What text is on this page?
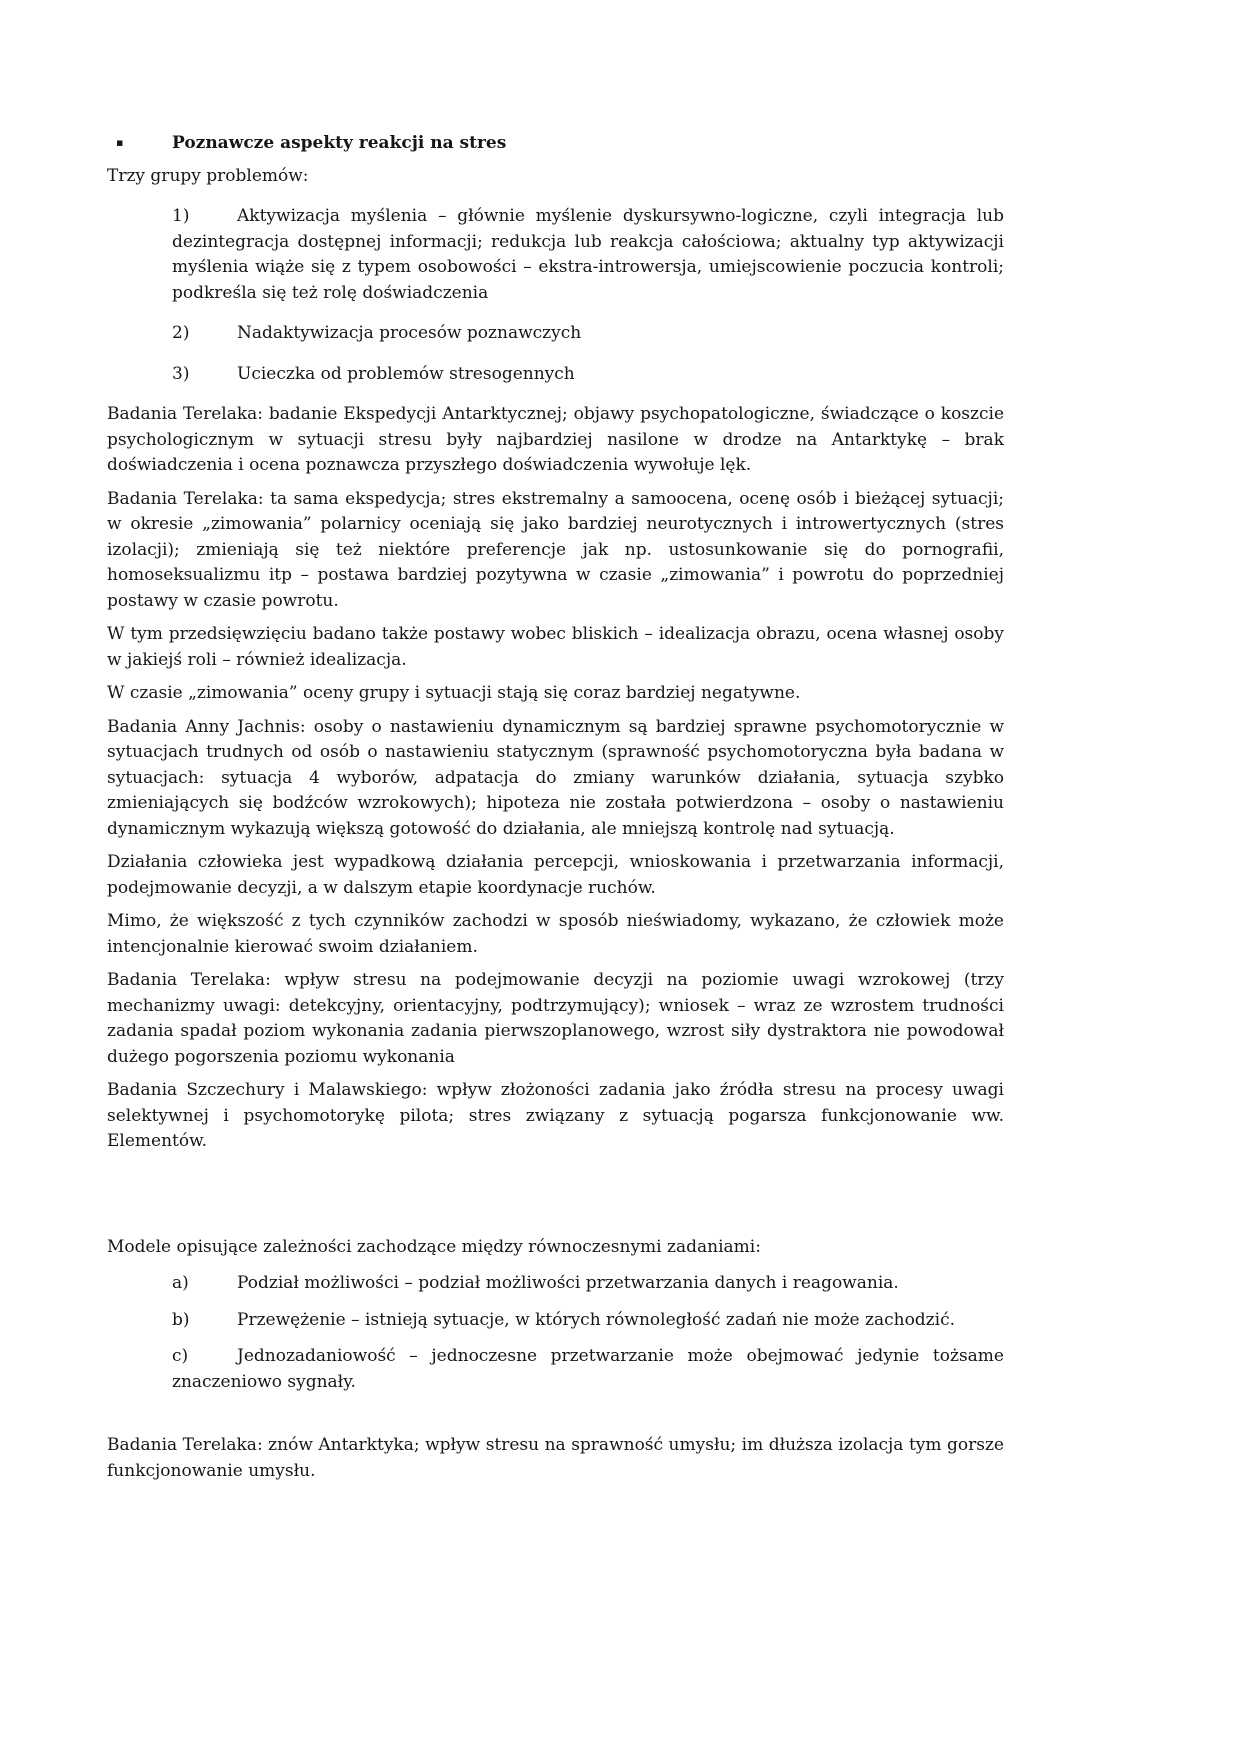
▪	Poznawcze aspekty reakcji na stres

Trzy grupy problemów:

1)	Aktywizacja myślenia – głównie myślenie dyskursywno-logiczne, czyli integracja lub dezintegracja dostępnej informacji; redukcja lub reakcja całościowa; aktualny typ aktywizacji myślenia wiąże się z typem osobowości – ekstra-introwersja, umiejscowienie poczucia kontroli; podkreśla się też rolę doświadczenia
2)	Nadaktywizacja procesów poznawczych
3)	Ucieczka od problemów stresogennych

Badania Terelaka: badanie Ekspedycji Antarktycznej; objawy psychopatologiczne, świadczące o koszcie psychologicznym w sytuacji stresu były najbardziej nasilone w drodze na Antarktykę – brak doświadczenia i ocena poznawcza przyszłego doświadczenia wywołuje lęk.

Badania Terelaka: ta sama ekspedycja; stres ekstremalny a samoocena, ocenę osób i bieżącej sytuacji; w okresie „zimowania” polarnicy oceniają się jako bardziej neurotycznych i introwertycznych (stres izolacji); zmieniają się też niektóre preferencje jak np. ustosunkowanie się do pornografii, homoseksualizmu itp – postawa bardziej pozytywna w czasie „zimowania” i powrotu do poprzedniej postawy w czasie powrotu.

W tym przedsięwzięciu badano także postawy wobec bliskich – idealizacja obrazu, ocena własnej osoby w jakiejś roli – również idealizacja.

W czasie „zimowania” oceny grupy i sytuacji stają się coraz bardziej negatywne.

Badania Anny Jachnis: osoby o nastawieniu dynamicznym są bardziej sprawne psychomotorycznie w sytuacjach trudnych od osób o nastawieniu statycznym (sprawność psychomotoryczna była badana w sytuacjach: sytuacja 4 wyborów, adpatacja do zmiany warunków działania, sytuacja szybko zmieniających się bodźców wzrokowych); hipoteza nie została potwierdzona – osoby o nastawieniu dynamicznym wykazują większą gotowość do działania, ale mniejszą kontrolę nad sytuacją.

Działania człowieka jest wypadkową działania percepcji, wnioskowania i przetwarzania informacji, podejmowanie decyzji, a w dalszym etapie koordynacje ruchów.

Mimo, że większość z tych czynników zachodzi w sposób nieświadomy, wykazano, że człowiek może intencjonalnie kierować swoim działaniem.

Badania Terelaka: wpływ stresu na podejmowanie decyzji na poziomie uwagi wzrokowej (trzy mechanizmy uwagi: detekcyjny, orientacyjny, podtrzymujący); wniosek – wraz ze wzrostem trudności zadania spadał poziom wykonania zadania pierwszoplanowego, wzrost siły dystraktora nie powodował dużego pogorszenia poziomu wykonania

Badania Szczechury i Malawskiego: wpływ złożoności zadania jako źródła stresu na procesy uwagi selektywnej i psychomotorykę pilota; stres związany z sytuacją pogarsza funkcjonowanie ww. Elementów.

Modele opisujące zależności zachodzące między równoczesnymi zadaniami:

a)	Podział możliwości – podział możliwości przetwarzania danych i reagowania.
b)	Przewężenie – istnieją sytuacje, w których równoległość zadań nie może zachodzić.
c)	Jednozadaniowość – jednoczesne przetwarzanie może obejmować jedynie tożsame znaczeniowo sygnały.

Badania Terelaka: znów Antarktyka; wpływ stresu na sprawność umysłu; im dłuższa izolacja tym gorsze funkcjonowanie umysłu.
